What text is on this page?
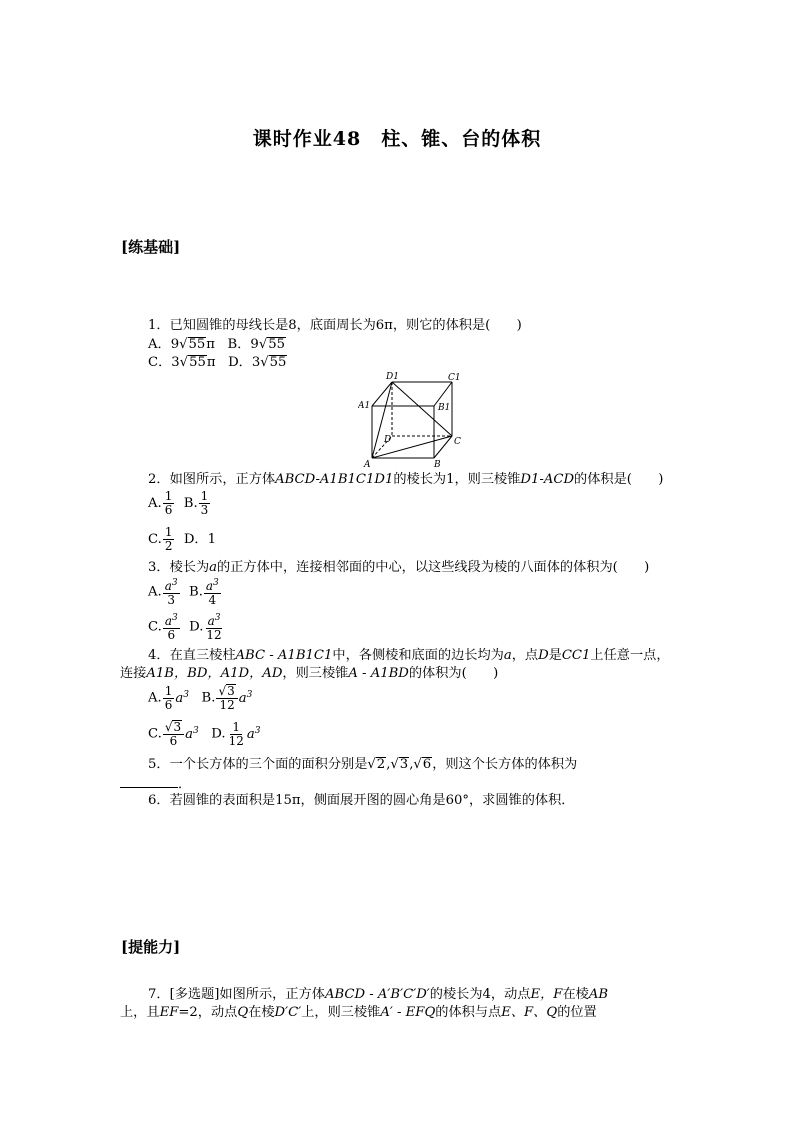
课时作业48　柱、锥、台的体积
[练基础]
1．已知圆锥的母线长是8，底面周长为6π，则它的体积是(　　)
A．9√55π B．9√55
C．3√55π D．3√55
D1	C1
A1	B1
D	C
A	B
2．如图所示，正方体ABCD-A1B1C1D1的棱长为1，则三棱锥D1-ACD的体积是(　　)
A. $\frac{1}{6} B$. $\frac{1}{3}$
C. $\frac{1}{2}$ D．1
3．棱长为a的正方体中，连接相邻面的中心，以这些线段为棱的八面体的体积为(　　)
A. $\frac{a^3}{3} B$. $\frac{a^3}{4}$
C. $\frac{a^3}{6} D$. $\frac{a^3}{12}$
4．在直三棱柱ABC - A1B1C1中，各侧棱和底面的边长均为a，点D是CC1上任意一点，
连接A1B，BD，A1D，AD，则三棱锥A - A1BD的体积为(　　)
A. $\frac{1}{6} a^3$ B. $\frac{√3}{12} a^3$
C. $\frac{√3}{6} a^3$ D. $\frac{1}{12} a^3$
5．一个长方体的三个面的面积分别是√2,√3,√6，则这个长方体的体积为
．
6．若圆锥的表面积是15π，侧面展开图的圆心角是60°，求圆锥的体积．
[提能力]
7．[多选题]如图所示，正方体ABCD - A′B′C′D′的棱长为4，动点E，F在棱AB
上，且EF=2，动点Q在棱D′C′上，则三棱锥A′ - EFQ的体积与点E、F、Q的位置
